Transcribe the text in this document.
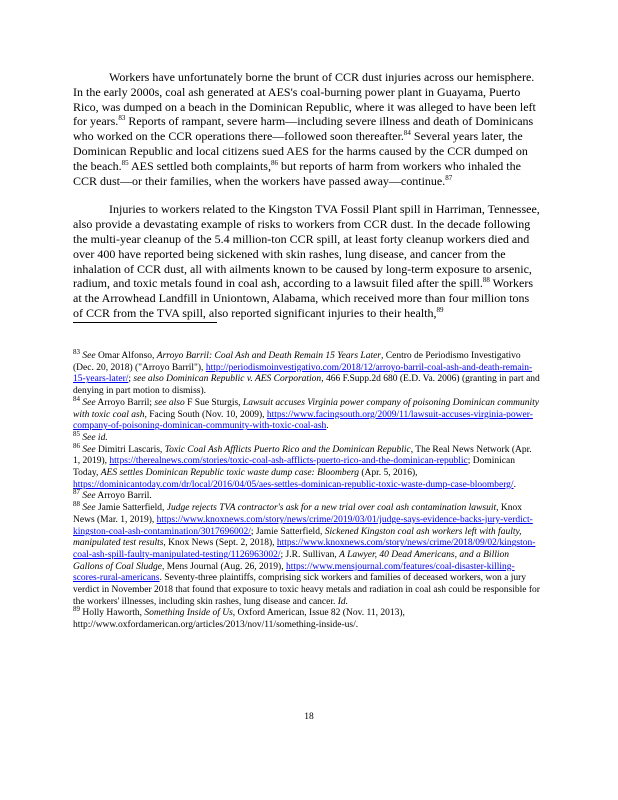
Workers have unfortunately borne the brunt of CCR dust injuries across our hemisphere. In the early 2000s, coal ash generated at AES's coal-burning power plant in Guayama, Puerto Rico, was dumped on a beach in the Dominican Republic, where it was alleged to have been left for years.$^{83}$ Reports of rampant, severe harm—including severe illness and death of Dominicans who worked on the CCR operations there—followed soon thereafter.$^{84}$ Several years later, the Dominican Republic and local citizens sued AES for the harms caused by the CCR dumped on the beach.$^{85}$ AES settled both complaints,$^{86}$ but reports of harm from workers who inhaled the CCR dust—or their families, when the workers have passed away—continue.$^{87}$

Injuries to workers related to the Kingston TVA Fossil Plant spill in Harriman, Tennessee, also provide a devastating example of risks to workers from CCR dust. In the decade following the multi-year cleanup of the 5.4 million-ton CCR spill, at least forty cleanup workers died and over 400 have reported being sickened with skin rashes, lung disease, and cancer from the inhalation of CCR dust, all with ailments known to be caused by long-term exposure to arsenic, radium, and toxic metals found in coal ash, according to a lawsuit filed after the spill.$^{88}$ Workers at the Arrowhead Landfill in Uniontown, Alabama, which received more than four million tons of CCR from the TVA spill, also reported significant injuries to their health,$^{89}$

$^{83}$ See Omar Alfonso, Arroyo Barril: Coal Ash and Death Remain 15 Years Later, Centro de Periodismo Investigativo (Dec. 20, 2018) ("Arroyo Barril"), http://periodismoinvestigativo.com/2018/12/arroyo-barril-coal-ash-and-death-remain-15-years-later/; see also Dominican Republic v. AES Corporation, 466 F.Supp.2d 680 (E.D. Va. 2006) (granting in part and denying in part motion to dismiss).
$^{84}$ See Arroyo Barril; see also F Sue Sturgis, Lawsuit accuses Virginia power company of poisoning Dominican community with toxic coal ash, Facing South (Nov. 10, 2009), https://www.facingsouth.org/2009/11/lawsuit-accuses-virginia-power-company-of-poisoning-dominican-community-with-toxic-coal-ash.
$^{85}$ See id.
$^{86}$ See Dimitri Lascaris, Toxic Coal Ash Afflicts Puerto Rico and the Dominican Republic, The Real News Network (Apr. 1, 2019), https://therealnews.com/stories/toxic-coal-ash-afflicts-puerto-rico-and-the-dominican-republic; Dominican Today, AES settles Dominican Republic toxic waste dump case: Bloomberg (Apr. 5, 2016), https://dominicantoday.com/dr/local/2016/04/05/aes-settles-dominican-republic-toxic-waste-dump-case-bloomberg/.
$^{87}$ See Arroyo Barril.
$^{88}$ See Jamie Satterfield, Judge rejects TVA contractor's ask for a new trial over coal ash contamination lawsuit, Knox News (Mar. 1, 2019), https://www.knoxnews.com/story/news/crime/2019/03/01/judge-says-evidence-backs-jury-verdict-kingston-coal-ash-contamination/3017696002/; Jamie Satterfield, Sickened Kingston coal ash workers left with faulty, manipulated test results, Knox News (Sept. 2, 2018), https://www.knoxnews.com/story/news/crime/2018/09/02/kingston-coal-ash-spill-faulty-manipulated-testing/1126963002/; J.R. Sullivan, A Lawyer, 40 Dead Americans, and a Billion Gallons of Coal Sludge, Mens Journal (Aug. 26, 2019), https://www.mensjournal.com/features/coal-disaster-killing-scores-rural-americans. Seventy-three plaintiffs, comprising sick workers and families of deceased workers, won a jury verdict in November 2018 that found that exposure to toxic heavy metals and radiation in coal ash could be responsible for the workers' illnesses, including skin rashes, lung disease and cancer. Id.
$^{89}$ Holly Haworth, Something Inside of Us, Oxford American, Issue 82 (Nov. 11, 2013), http://www.oxfordamerican.org/articles/2013/nov/11/something-inside-us/.
18
